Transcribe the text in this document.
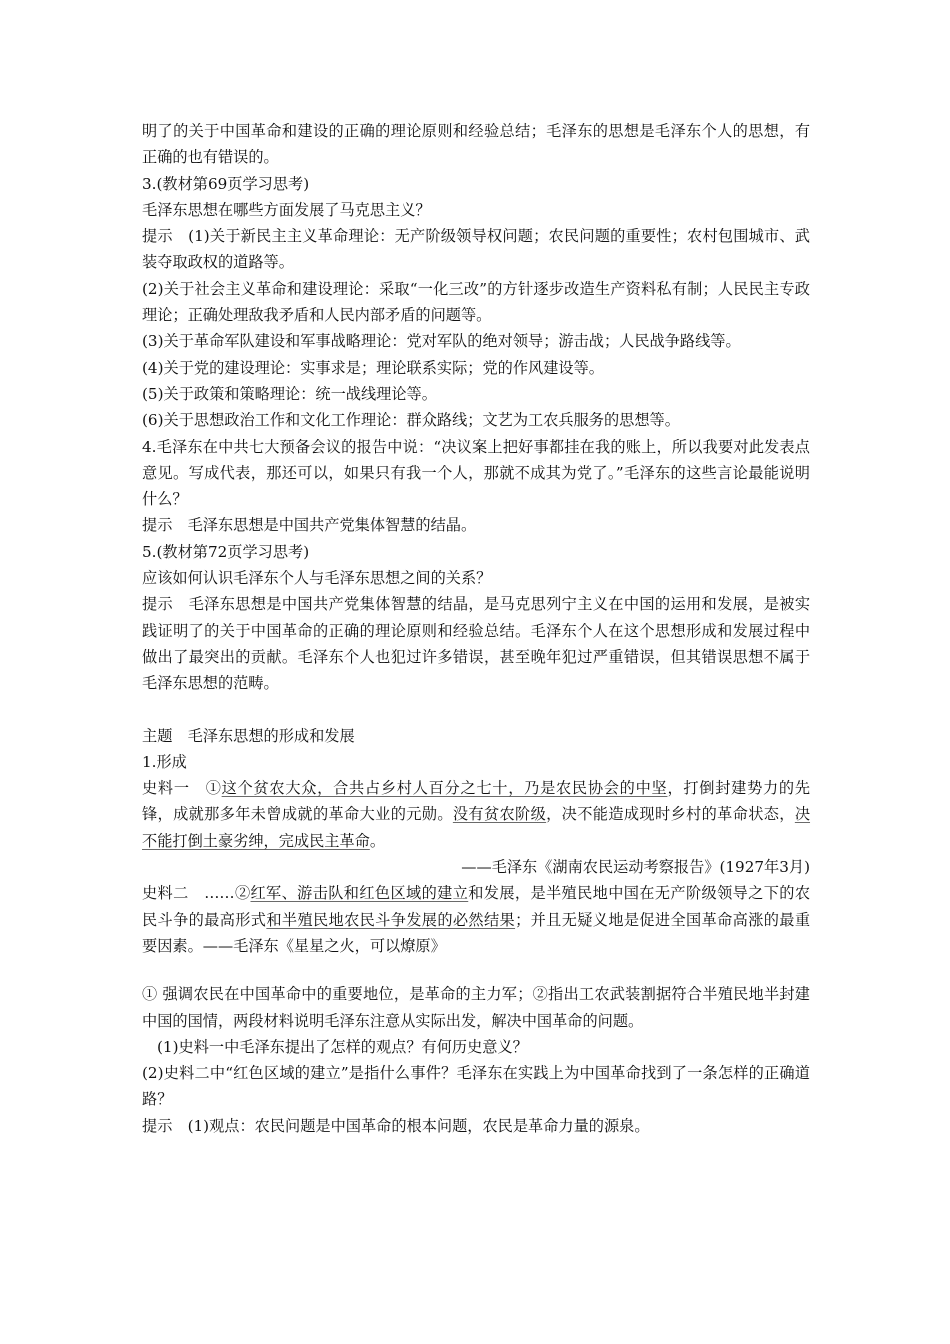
明了的关于中国革命和建设的正确的理论原则和经验总结；毛泽东的思想是毛泽东个人的思想，有正确的也有错误的。

3.(教材第69页学习思考)

毛泽东思想在哪些方面发展了马克思主义？

提示　(1)关于新民主主义革命理论：无产阶级领导权问题；农民问题的重要性；农村包围城市、武装夺取政权的道路等。

(2)关于社会主义革命和建设理论：采取“一化三改”的方针逐步改造生产资料私有制；人民民主专政理论；正确处理敌我矛盾和人民内部矛盾的问题等。

(3)关于革命军队建设和军事战略理论：党对军队的绝对领导；游击战；人民战争路线等。

(4)关于党的建设理论：实事求是；理论联系实际；党的作风建设等。

(5)关于政策和策略理论：统一战线理论等。

(6)关于思想政治工作和文化工作理论：群众路线；文艺为工农兵服务的思想等。

4.毛泽东在中共七大预备会议的报告中说：“决议案上把好事都挂在我的账上，所以我要对此发表点意见。写成代表，那还可以，如果只有我一个人，那就不成其为党了。”毛泽东的这些言论最能说明什么？

提示　毛泽东思想是中国共产党集体智慧的结晶。

5.(教材第72页学习思考)

应该如何认识毛泽东个人与毛泽东思想之间的关系？

提示　毛泽东思想是中国共产党集体智慧的结晶，是马克思列宁主义在中国的运用和发展，是被实践证明了的关于中国革命的正确的理论原则和经验总结。毛泽东个人在这个思想形成和发展过程中做出了最突出的贡献。毛泽东个人也犯过许多错误，甚至晚年犯过严重错误，但其错误思想不属于毛泽东思想的范畴。

主题　毛泽东思想的形成和发展

1.形成

史料一　①这个贫农大众，合共占乡村人百分之七十，乃是农民协会的中坚，打倒封建势力的先锋，成就那多年未曾成就的革命大业的元勋。没有贫农阶级，决不能造成现时乡村的革命状态，决不能打倒土豪劣绅，完成民主革命。

——毛泽东《湖南农民运动考察报告》(1927年3月)

史料二　……②红军、游击队和红色区域的建立和发展，是半殖民地中国在无产阶级领导之下的农民斗争的最高形式和半殖民地农民斗争发展的必然结果；并且无疑义地是促进全国革命高涨的最重要因素。——毛泽东《星星之火，可以燎原》

① 强调农民在中国革命中的重要地位，是革命的主力军；②指出工农武装割据符合半殖民地半封建中国的国情，两段材料说明毛泽东注意从实际出发，解决中国革命的问题。

(1)史料一中毛泽东提出了怎样的观点？有何历史意义？

(2)史料二中“红色区域的建立”是指什么事件？毛泽东在实践上为中国革命找到了一条怎样的正确道路？

提示　(1)观点：农民问题是中国革命的根本问题，农民是革命力量的源泉。
